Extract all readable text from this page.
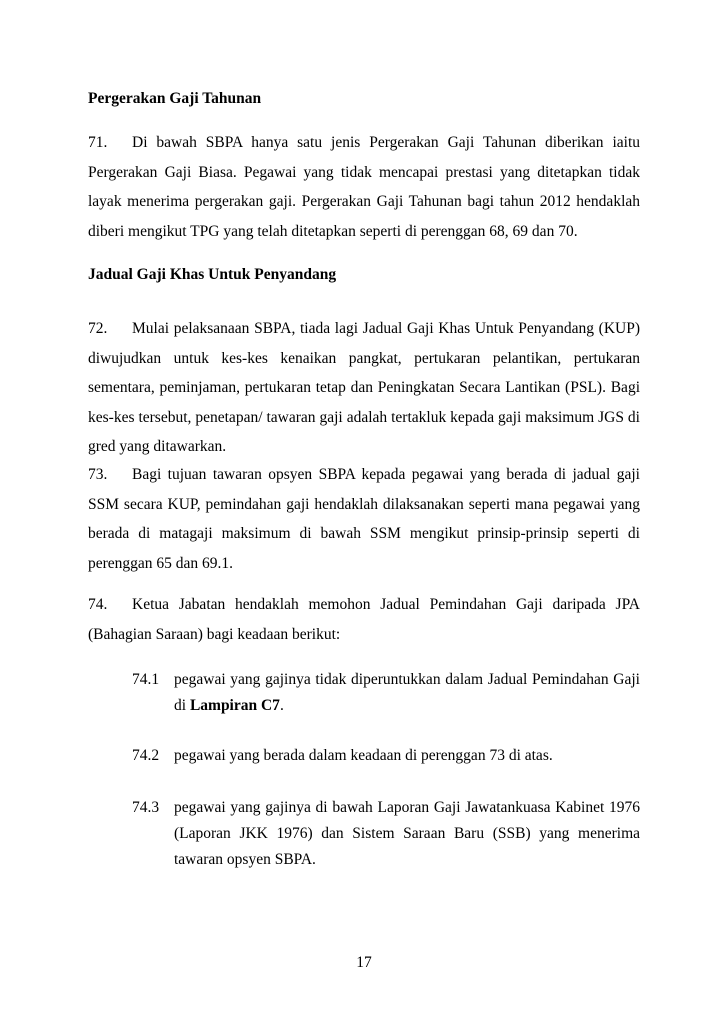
Pergerakan Gaji Tahunan
71. Di bawah SBPA hanya satu jenis Pergerakan Gaji Tahunan diberikan iaitu Pergerakan Gaji Biasa. Pegawai yang tidak mencapai prestasi yang ditetapkan tidak layak menerima pergerakan gaji. Pergerakan Gaji Tahunan bagi tahun 2012 hendaklah diberi mengikut TPG yang telah ditetapkan seperti di perenggan 68, 69 dan 70.
Jadual Gaji Khas Untuk Penyandang
72. Mulai pelaksanaan SBPA, tiada lagi Jadual Gaji Khas Untuk Penyandang (KUP) diwujudkan untuk kes-kes kenaikan pangkat, pertukaran pelantikan, pertukaran sementara, peminjaman, pertukaran tetap dan Peningkatan Secara Lantikan (PSL). Bagi kes-kes tersebut, penetapan/ tawaran gaji adalah tertakluk kepada gaji maksimum JGS di gred yang ditawarkan.
73. Bagi tujuan tawaran opsyen SBPA kepada pegawai yang berada di jadual gaji SSM secara KUP, pemindahan gaji hendaklah dilaksanakan seperti mana pegawai yang berada di matagaji maksimum di bawah SSM mengikut prinsip-prinsip seperti di perenggan 65 dan 69.1.
74. Ketua Jabatan hendaklah memohon Jadual Pemindahan Gaji daripada JPA (Bahagian Saraan) bagi keadaan berikut:
74.1 pegawai yang gajinya tidak diperuntukkan dalam Jadual Pemindahan Gaji di Lampiran C7.
74.2 pegawai yang berada dalam keadaan di perenggan 73 di atas.
74.3 pegawai yang gajinya di bawah Laporan Gaji Jawatankuasa Kabinet 1976 (Laporan JKK 1976) dan Sistem Saraan Baru (SSB) yang menerima tawaran opsyen SBPA.
17
